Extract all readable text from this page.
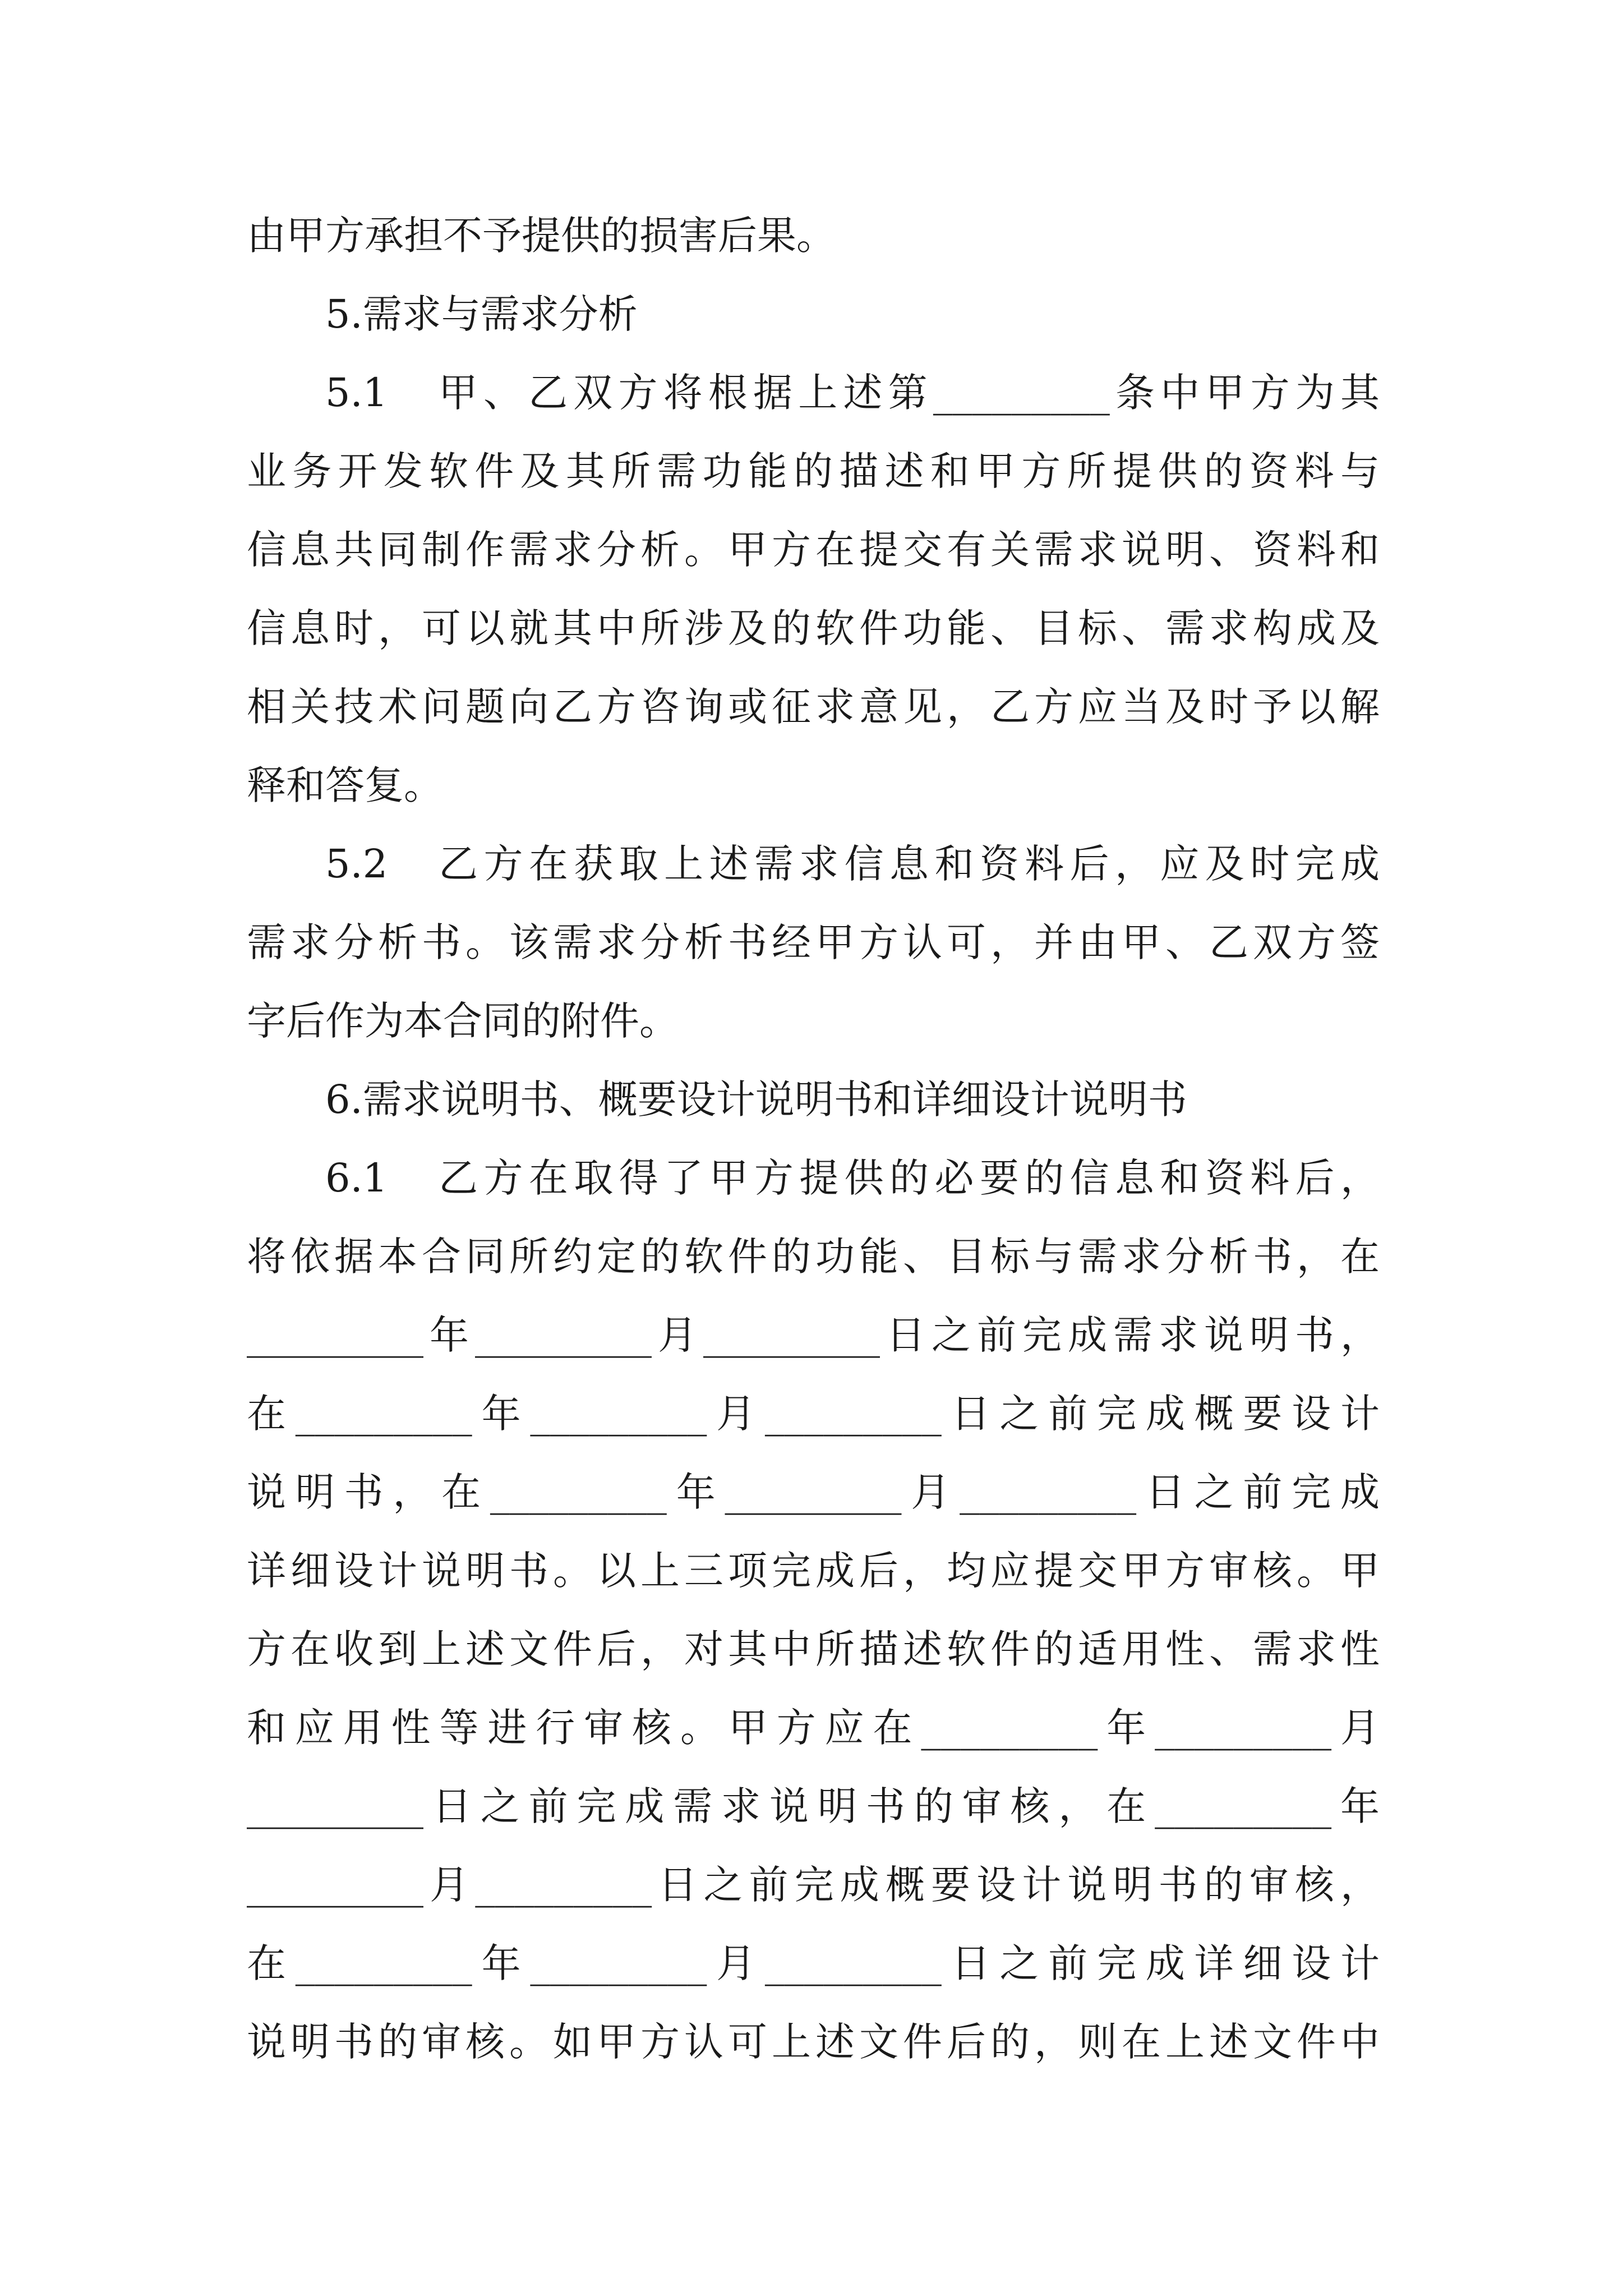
由甲方承担不予提供的损害后果。
5.需求与需求分析
5.1　甲、乙双方将根据上述第_________条中甲方为其
业务开发软件及其所需功能的描述和甲方所提供的资料与
信息共同制作需求分析。甲方在提交有关需求说明、资料和
信息时，可以就其中所涉及的软件功能、目标、需求构成及
相关技术问题向乙方咨询或征求意见，乙方应当及时予以解
释和答复。
5.2　乙方在获取上述需求信息和资料后，应及时完成
需求分析书。该需求分析书经甲方认可，并由甲、乙双方签
字后作为本合同的附件。
6.需求说明书、概要设计说明书和详细设计说明书
6.1　乙方在取得了甲方提供的必要的信息和资料后，
将依据本合同所约定的软件的功能、目标与需求分析书，在
_________年_________月_________日之前完成需求说明书，
在_________年_________月_________日之前完成概要设计
说明书，在_________年_________月_________日之前完成
详细设计说明书。以上三项完成后，均应提交甲方审核。甲
方在收到上述文件后，对其中所描述软件的适用性、需求性
和应用性等进行审核。甲方应在_________年_________月
_________日之前完成需求说明书的审核，在_________年
_________月_________日之前完成概要设计说明书的审核，
在_________年_________月_________日之前完成详细设计
说明书的审核。如甲方认可上述文件后的，则在上述文件中
